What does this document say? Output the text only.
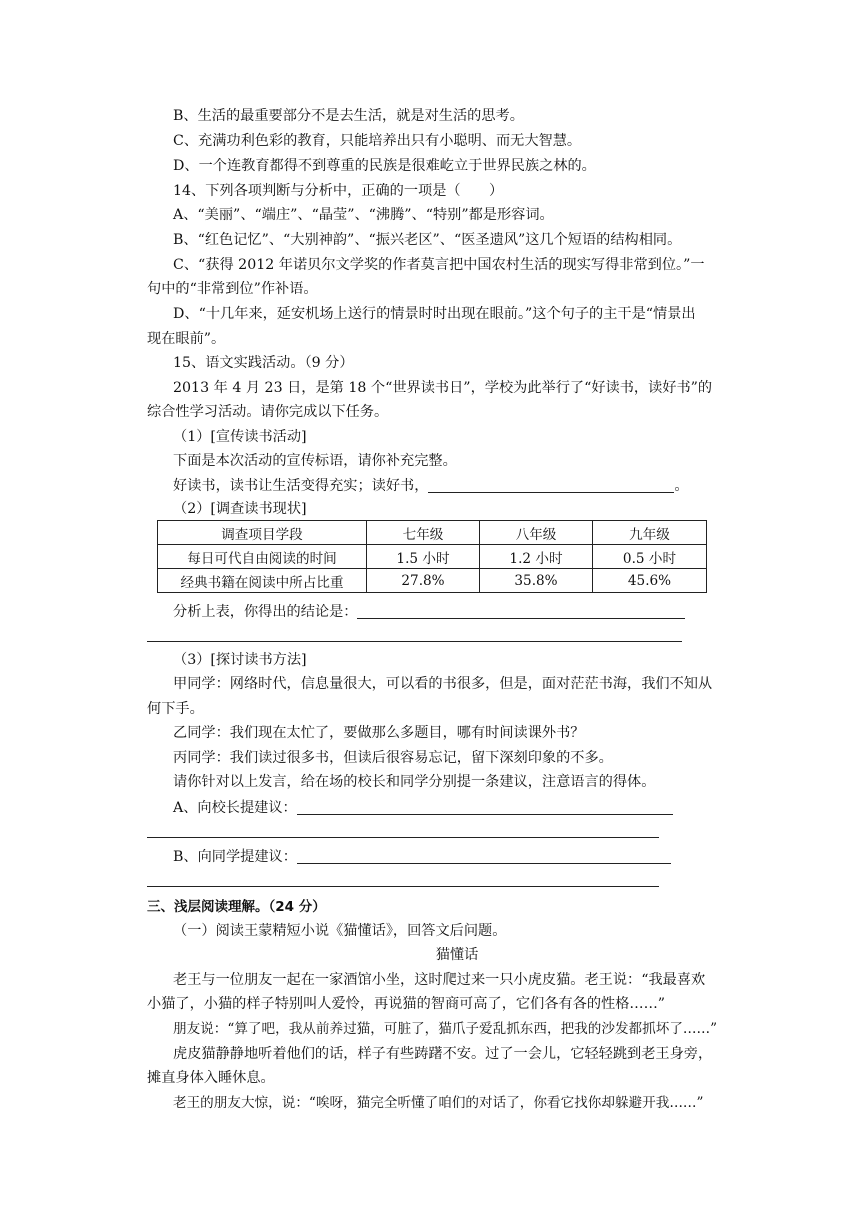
B、生活的最重要部分不是去生活，就是对生活的思考。
C、充满功利色彩的教育，只能培养出只有小聪明、而无大智慧。
D、一个连教育都得不到尊重的民族是很难屹立于世界民族之林的。
14、下列各项判断与分析中，正确的一项是（　　）
A、“美丽”、“端庄”、“晶莹”、“沸腾”、“特别”都是形容词。
B、“红色记忆”、“大别神韵”、“振兴老区”、“医圣遗风”这几个短语的结构相同。
C、“获得 2012 年诺贝尔文学奖的作者莫言把中国农村生活的现实写得非常到位。”一
句中的“非常到位”作补语。
D、“十几年来，延安机场上送行的情景时时出现在眼前。”这个句子的主干是“情景出
现在眼前”。
15、语文实践活动。（9 分）
2013 年 4 月 23 日，是第 18 个“世界读书日”，学校为此举行了“好读书，读好书”的
综合性学习活动。请你完成以下任务。
（1）[宣传读书活动]
下面是本次活动的宣传标语，请你补充完整。
好读书，读书让生活变得充实；读好书，	。
（2）[调查读书现状]
调查项目学段	七年级	八年级	九年级
每日可代自由阅读的时间	1.5 小时	1.2 小时	0.5 小时
经典书籍在阅读中所占比重	27.8%	35.8%	45.6%
分析上表，你得出的结论是：
（3）[探讨读书方法]
甲同学：网络时代，信息量很大，可以看的书很多，但是，面对茫茫书海，我们不知从
何下手。
乙同学：我们现在太忙了，要做那么多题目，哪有时间读课外书？
丙同学：我们读过很多书，但读后很容易忘记，留下深刻印象的不多。
请你针对以上发言，给在场的校长和同学分别提一条建议，注意语言的得体。
A、向校长提建议：
B、向同学提建议：
三、浅层阅读理解。（24 分）
（一）阅读王蒙精短小说《猫懂话》，回答文后问题。
猫懂话
老王与一位朋友一起在一家酒馆小坐，这时爬过来一只小虎皮猫。老王说：“我最喜欢
小猫了，小猫的样子特别叫人爱怜，再说猫的智商可高了，它们各有各的性格……”
朋友说：“算了吧，我从前养过猫，可脏了，猫爪子爱乱抓东西，把我的沙发都抓坏了……”
虎皮猫静静地听着他们的话，样子有些踌躇不安。过了一会儿，它轻轻跳到老王身旁，
摊直身体入睡休息。
老王的朋友大惊，说：“唉呀，猫完全听懂了咱们的对话了，你看它找你却躲避开我……”
